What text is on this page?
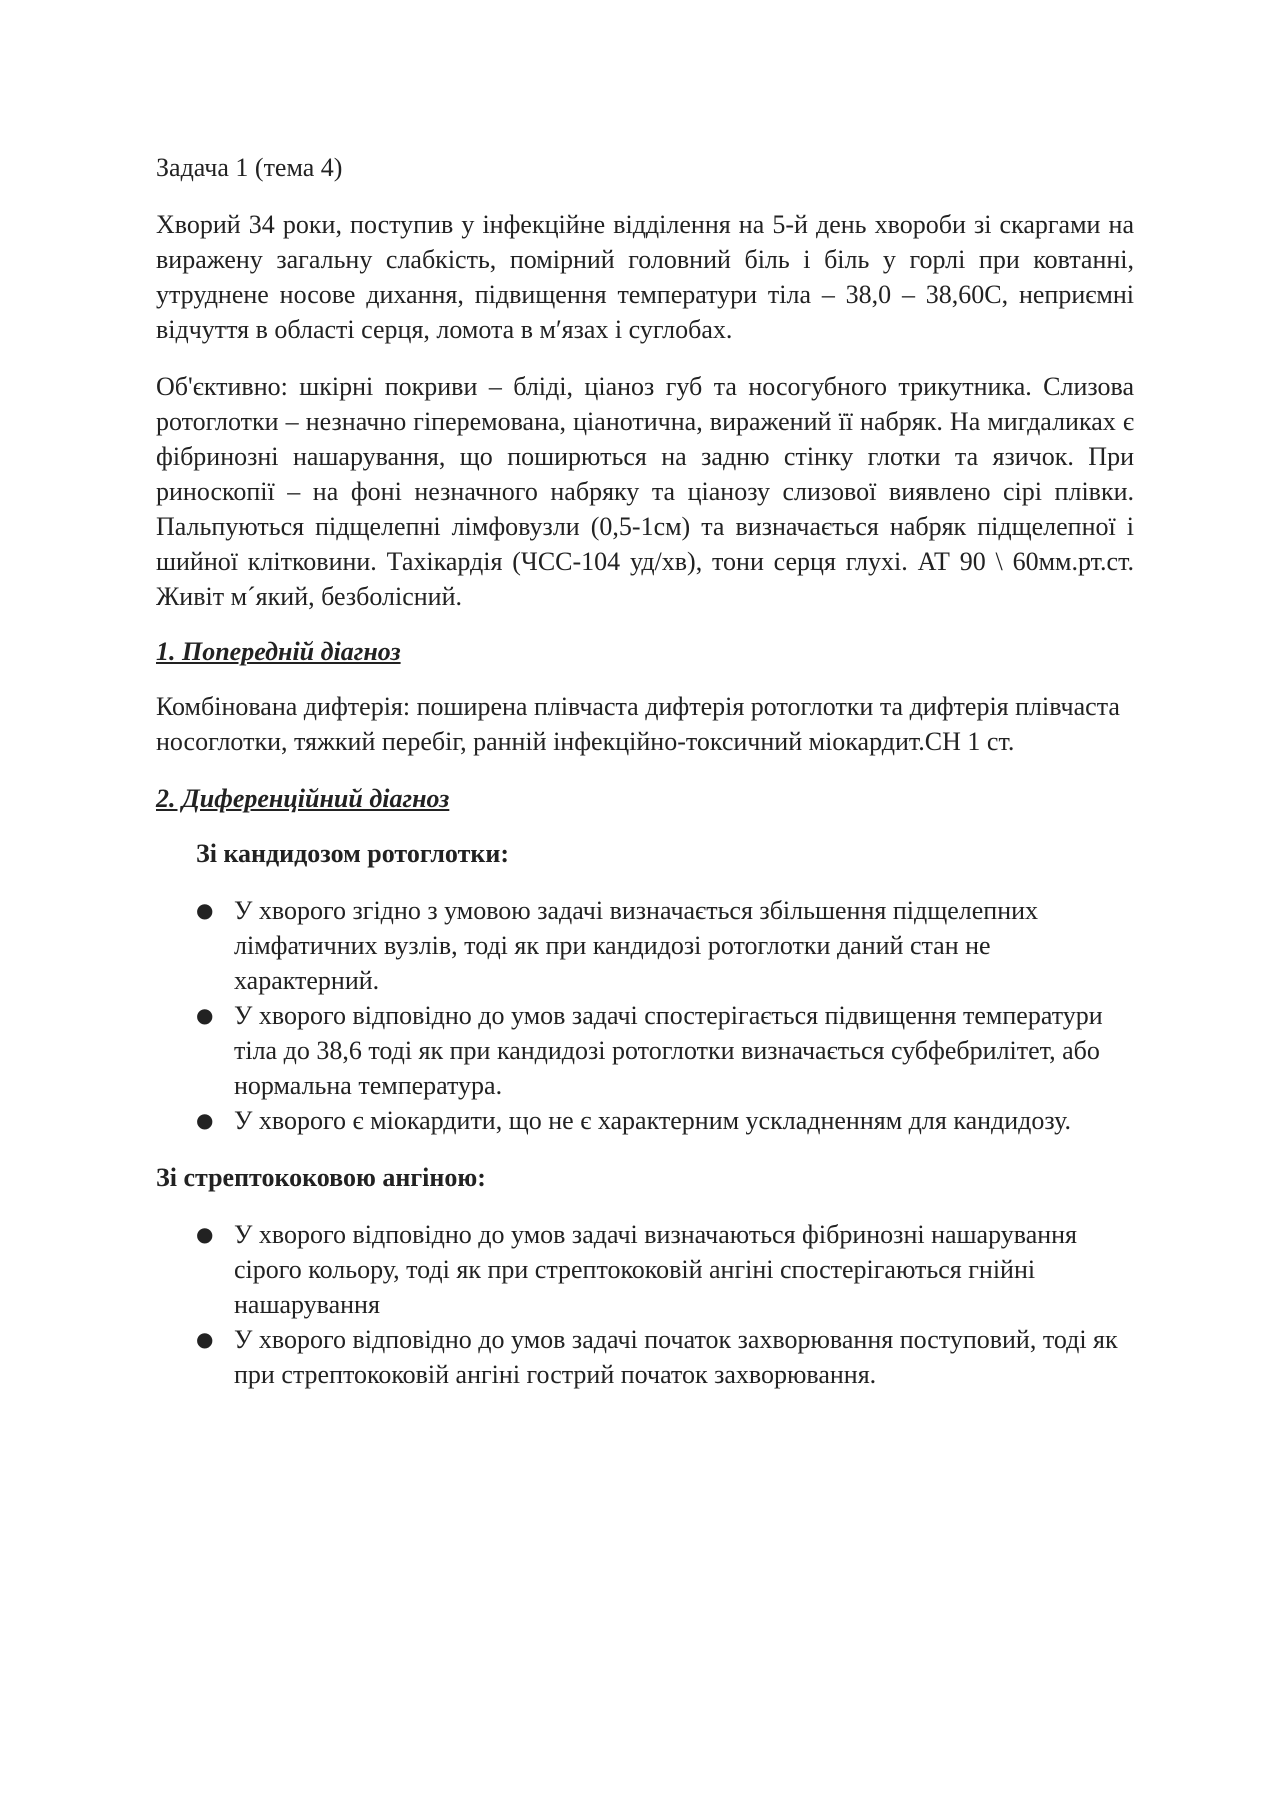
Задача 1 (тема 4)

Хворий 34 роки, поступив у інфекційне відділення на 5-й день хвороби зі скаргами на виражену загальну слабкість, помірний головний біль і біль у горлі при ковтанні, утруднене носове дихання, підвищення температури тіла – 38,0 – 38,60С, неприємні відчуття в області серця, ломота в м′язах і суглобах.

Об'єктивно: шкірні покриви – бліді, ціаноз губ та носогубного трикутника. Слизова ротоглотки – незначно гіперемована, ціанотична, виражений її набряк. На мигдаликах є фібринозні нашарування, що поширються на задню стінку глотки та язичок. При риноскопії – на фоні незначного набряку та ціанозу слизової виявлено сірі плівки. Пальпуються підщелепні лімфовузли (0,5-1см) та визначається набряк підщелепної і шийної клітковини. Тахікардія (ЧСС-104 уд/хв), тони серця глухі. АТ 90 \ 60мм.рт.ст. Живіт м´який, безболісний.

1. Попередній діагноз

Комбінована дифтерія: поширена плівчаста дифтерія ротоглотки та дифтерія плівчаста носоглотки, тяжкий перебіг, ранній інфекційно-токсичний міокардит.СН 1 ст.

2. Диференційний діагноз

Зі кандидозом ротоглотки:

● У хворого згідно з умовою задачі визначається збільшення підщелепних лімфатичних вузлів, тоді як при кандидозі ротоглотки даний стан не характерний.
● У хворого відповідно до умов задачі спостерігається підвищення температури тіла до 38,6 тоді як при кандидозі ротоглотки визначається субфебрилітет, або нормальна температура.
● У хворого є міокардити, що не є характерним ускладненням для кандидозу.

Зі стрептококовою ангіною:

● У хворого відповідно до умов задачі визначаються фібринозні нашарування сірого кольору, тоді як при стрептококовій ангіні спостерігаються гнійні нашарування
● У хворого відповідно до умов задачі початок захворювання поступовий, тоді як при стрептококовій ангіні гострий початок захворювання.
